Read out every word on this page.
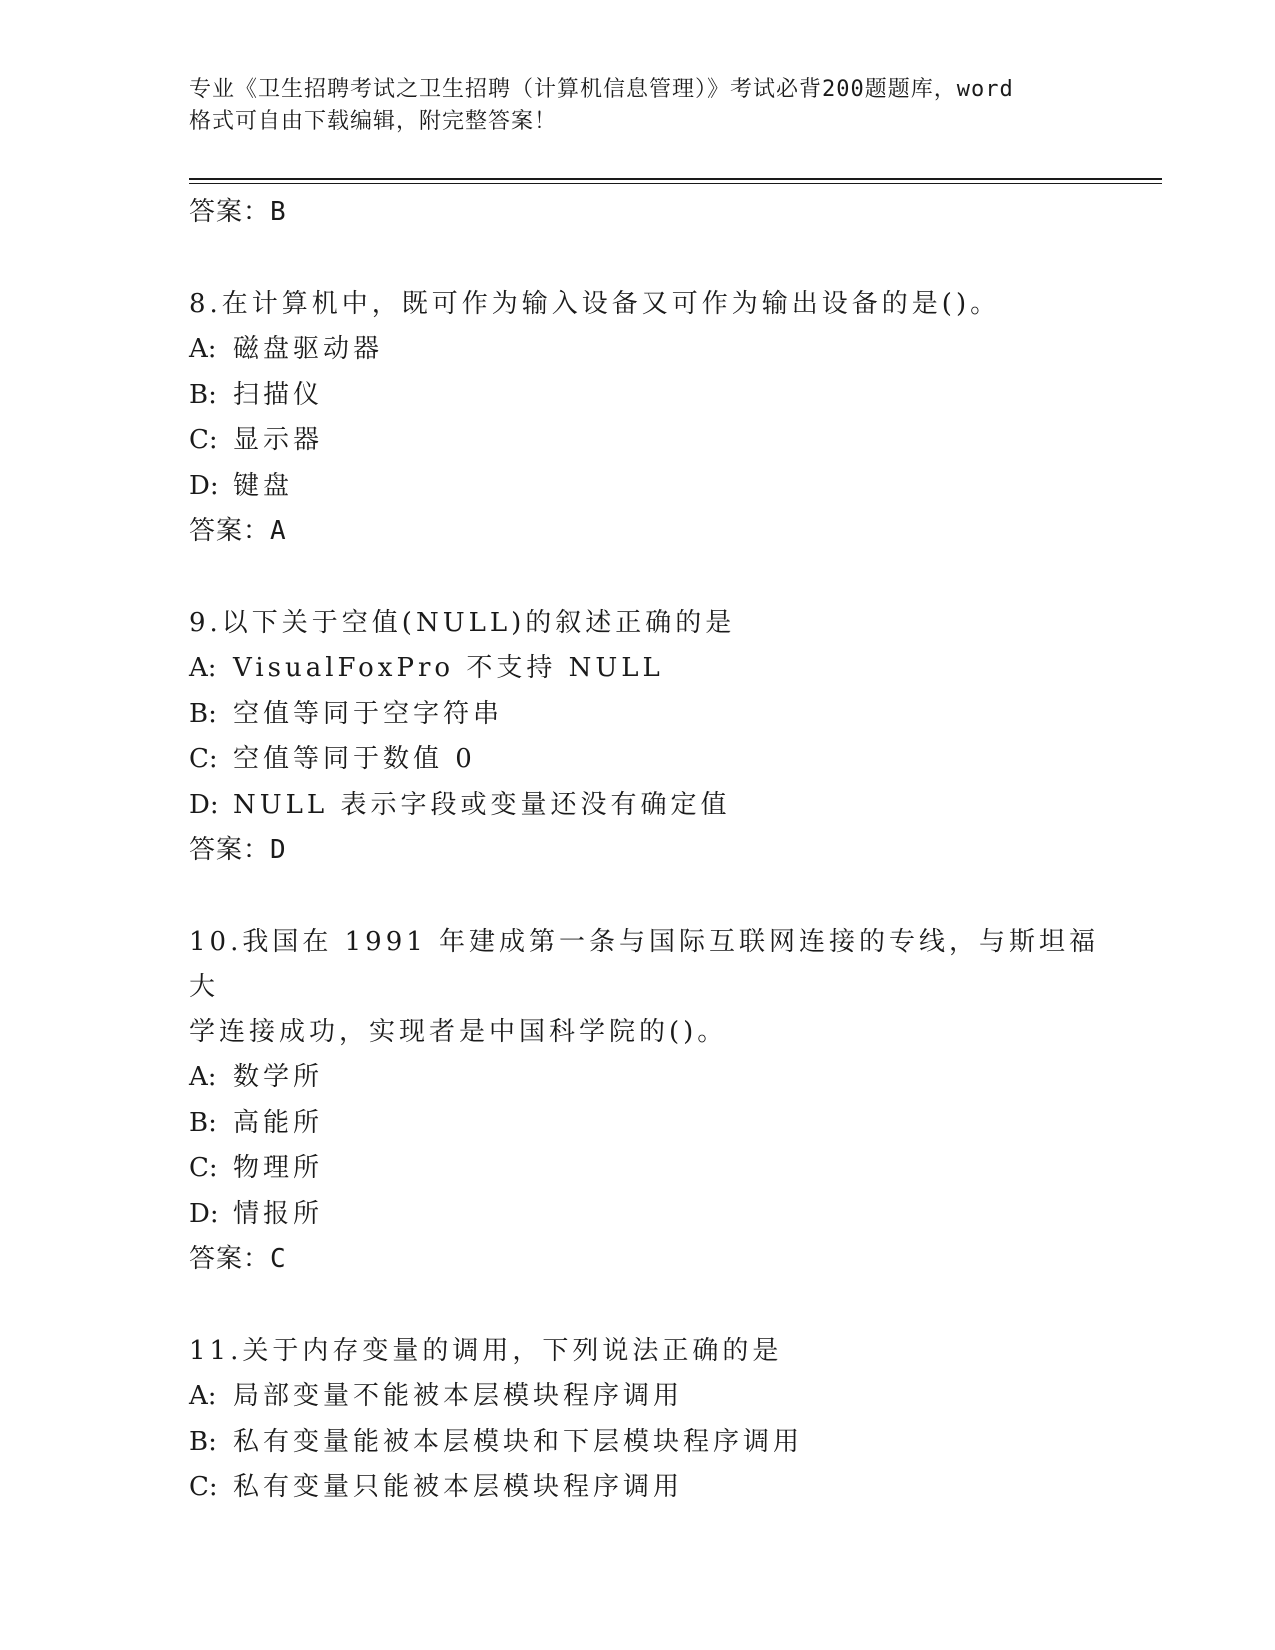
专业《卫生招聘考试之卫生招聘（计算机信息管理）》考试必背200题题库，word
格式可自由下载编辑，附完整答案！
答案：B
8.在计算机中，既可作为输入设备又可作为输出设备的是()。
A: 磁盘驱动器
B: 扫描仪
C: 显示器
D: 键盘
答案：A
9.以下关于空值(NULL)的叙述正确的是
A: VisualFoxPro 不支持 NULL
B: 空值等同于空字符串
C: 空值等同于数值 0
D: NULL 表示字段或变量还没有确定值
答案：D
10.我国在 1991 年建成第一条与国际互联网连接的专线，与斯坦福大
学连接成功，实现者是中国科学院的()。
A: 数学所
B: 高能所
C: 物理所
D: 情报所
答案：C
11.关于内存变量的调用，下列说法正确的是
A: 局部变量不能被本层模块程序调用
B: 私有变量能被本层模块和下层模块程序调用
C: 私有变量只能被本层模块程序调用
